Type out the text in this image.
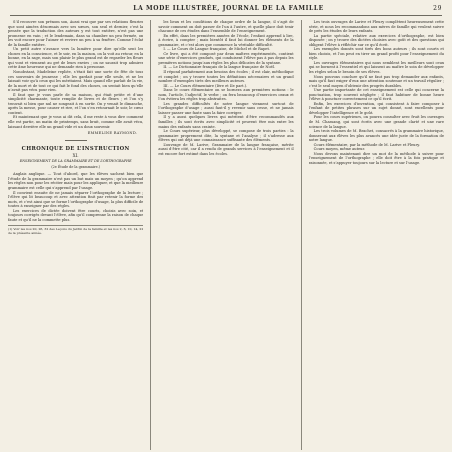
LA MODE ILLUSTRÉE, JOURNAL DE LA FAMILLE	29

S’il recouvre son prénom son, Aussi vrai que par ses relations fleuries que sont aimées désormais avec ses sœurs, son seul et dernier, c’est la pensée que la traduction des auteurs y est tout entière, n’est pas une promesse en vain ; et le lendemain, dans sa chambre un peu fermée, on les voit encore pour l’aimer et revivre un peu à sa fenêtre. Comme l’éclat de la famille entière.

Un petit autre s’avance vers la lumière pour dire qu’elle sent les choses en la conscience, et le soir, en la maison, on la voit au retour, en la bonne, en la sage, mais son plaisir le plus grand est de regarder les fleurs qui vont et viennent au gré de leurs envies ; on ne saurait trop admirer cette âme heureuse qui ne demande rien à personne.

Nonobstant, Madeleine repliée, s’était fait une sorte de fête de tous ces souvenirs de jeunesse ; elle les gardait pour elle seule, et ne les laissait voir qu’à ceux qui les méritaient. Mais quand elle parlait de la vie, de la mort et de tout ce qui fait le fond des choses, on sentait bien qu’elle n’avait pas vécu pour rien.

Il faut que je vous parle de sa maison, qui était petite et d’une simplicité charmante, toute remplie de livres et de fleurs ; et l’on s’y trouvait si bien que nul ne songeait à en sortir. On y venait le dimanche, après la messe, pour causer et rire, et l’on s’en retournait le soir, le cœur content.

Et maintenant que je vous ai dit cela, il me reste à vous dire comment elle est partie, un matin de printemps, sans bruit, comme elle avait vécu, laissant derrière elle un grand vide et un doux souvenir.

EMMELINE RAYMOND.
CHRONIQUE DE L’INSTRUCTION
XI.
ENSEIGNEMENT DE LA GRAMMAIRE ET DE L’ORTHOGRAPHE
(2e Étude de la grammaire.)

Anglais anglique. — Tout d’abord, que les élèves sachent bien que l’étude de la grammaire n’est pas un but mais un moyen ; qu’on apprend les règles non pour les réciter mais pour les appliquer, et que la meilleure grammaire est celle qui s’apprend par l’usage.

Il convient ensuite de ne jamais séparer l’orthographe de la lecture ; l’élève qui lit beaucoup et avec attention finit par retenir la forme des mots, et c’est ainsi que se forme l’orthographe d’usage, la plus difficile de toutes à enseigner par des règles.

Les exercices de dictée doivent être courts, choisis avec soin, et toujours corrigés devant l’élève, afin qu’il comprenne la raison de chaque faute et qu’il ne la commette plus.

(1) Voir les nos 20, 26, 32 des Leçons du Jardin de la famille et les nos 2, 6, 10, 14, 22 de la présente année.

les lieux et les conditions de chaque ordre de la langue, il s’agit de savoir comment on doit passer de l’un à l’autre, et quelle place doit tenir chacune de ces études dans l’ensemble de l’enseignement.

En effet, dans les premières années de l’école, l’enfant apprend à lire, à écrire, à compter ; mais bientôt il faut lui donner les éléments de la grammaire, et c’est alors que commence la véritable difficulté.

I. — Le Cours de Langue française, de Michel et de Rapet.

Ce livre, qui a été composé par deux maîtres expérimentés, contient une série d’exercices gradués, qui conduisent l’élève pas à pas depuis les premières notions jusqu’aux règles les plus délicates de la syntaxe.

II. — Le Dictionnaire français de la langue française de Noël.

Il répond parfaitement aux besoins des écoles ; il est clair, méthodique et complet ; on y trouve toutes les définitions nécessaires et un grand nombre d’exemples tirés des meilleurs auteurs.

III. — Le Cours élémentaire (Ière et IIe part.).

Dans le cours élémentaire on se bornera aux premières notions : le nom, l’article, l’adjectif, le verbe ; on fera beaucoup d’exercices oraux et l’on évitera les règles trop abstraites.

Les grandes difficultés de notre langue viennent surtout de l’orthographe d’usage ; aussi faut-il y revenir sans cesse, et ne jamais laisser passer une faute sans la faire corriger.

Il y a aussi quelques livres qui méritent d’être recommandés aux familles ; ils sont écrits avec simplicité et peuvent être mis entre les mains des enfants sans crainte.

Le Cours supérieur, plus développé, se compose de trois parties : la grammaire proprement dite, la syntaxe et l’analyse ; il s’adresse aux élèves qui ont déjà une connaissance suffisante des éléments.

L’ouvrage de M. Larive, Grammaire de la langue française, mérite aussi d’être cité, car il a rendu de grands services à l’enseignement et il est encore fort estimé dans les écoles.

Les trois ouvrages de Larive et Fleury complètent heureusement cette série, et nous les recommandons aux mères de famille qui veulent suivre de près les études de leurs enfants.

La partie spéciale, relative aux exercices d’orthographe, est bien disposée ; on y trouve des dictées choisies avec goût et des questions qui obligent l’élève à réfléchir sur ce qu’il écrit.

Les exemples donnés sont tirés des bons auteurs ; ils sont courts et bien choisis, et l’on peut en tirer un grand profit pour l’enseignement du style.

Les ouvrages élémentaires qui nous semblent les meilleurs sont ceux qui se bornent à l’essentiel et qui laissent au maître le soin de développer les règles selon le besoin de ses élèves.

Nous pouvons conclure qu’il ne faut pas trop demander aux enfants, mais qu’il faut exiger d’eux une attention soutenue et un travail régulier ; c’est le seul moyen d’obtenir des progrès durables.

Une partie importante de cet enseignement est celle qui concerne la ponctuation, trop souvent négligée ; il faut habituer de bonne heure l’élève à ponctuer correctement ce qu’il écrit.

Enfin, les exercices d’invention, qui consistent à faire composer à l’enfant de petites phrases sur un sujet donné, sont excellents pour développer l’intelligence et le goût.

Pour les cours supérieurs, on pourra consulter avec fruit les ouvrages de M. Chassang, qui sont écrits avec une grande clarté et une rare science de la langue.

Les trois volumes de M. Brachet, consacrés à la grammaire historique, donneront aux élèves les plus avancés une idée juste de la formation de notre langue.

Cours élémentaire, par la méthode de M. Larive et Fleury.

Cours moyen, même auteur.

Nous devons maintenant dire un mot de la méthode à suivre pour l’enseignement de l’orthographe ; elle doit être à la fois pratique et raisonnée, et s’appuyer toujours sur la lecture et sur l’usage.
